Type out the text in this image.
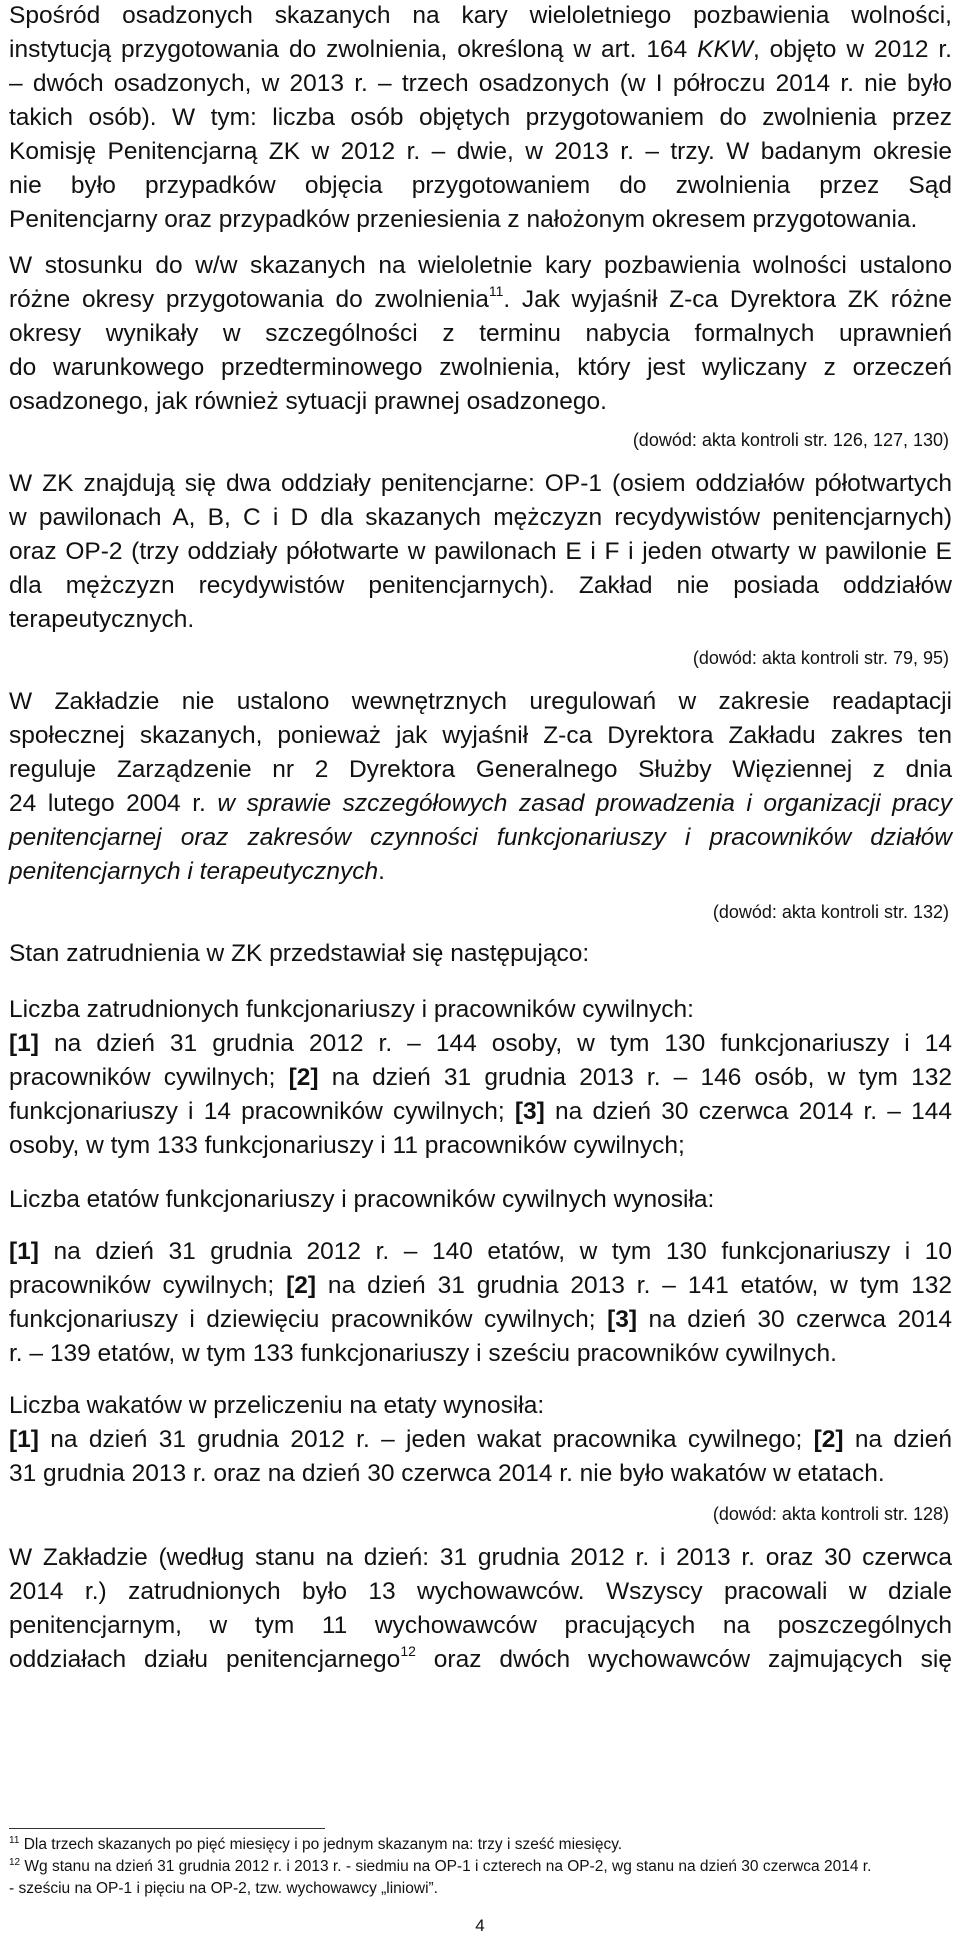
Spośród osadzonych skazanych na kary wieloletniego pozbawienia wolności,
instytucją przygotowania do zwolnienia, określoną w art. 164 KKW, objęto w 2012 r.
– dwóch osadzonych, w 2013 r. – trzech osadzonych (w I półroczu 2014 r. nie było
takich osób). W tym: liczba osób objętych przygotowaniem do zwolnienia przez
Komisję Penitencjarną ZK w 2012 r. – dwie, w 2013 r. – trzy. W badanym okresie
nie było przypadków objęcia przygotowaniem do zwolnienia przez Sąd
Penitencjarny oraz przypadków przeniesienia z nałożonym okresem przygotowania.
W stosunku do w/w skazanych na wieloletnie kary pozbawienia wolności ustalono
różne okresy przygotowania do zwolnienia$^{11}$. Jak wyjaśnił Z-ca Dyrektora ZK różne
okresy wynikały w szczególności z terminu nabycia formalnych uprawnień
do warunkowego przedterminowego zwolnienia, który jest wyliczany z orzeczeń
osadzonego, jak również sytuacji prawnej osadzonego.
W ZK znajdują się dwa oddziały penitencjarne: OP-1 (osiem oddziałów półotwartych
w pawilonach A, B, C i D dla skazanych mężczyzn recydywistów penitencjarnych)
oraz OP-2 (trzy oddziały półotwarte w pawilonach E i F i jeden otwarty w pawilonie E
dla mężczyzn recydywistów penitencjarnych). Zakład nie posiada oddziałów
terapeutycznych.
W Zakładzie nie ustalono wewnętrznych uregulowań w zakresie readaptacji
społecznej skazanych, ponieważ jak wyjaśnił Z-ca Dyrektora Zakładu zakres ten
reguluje Zarządzenie nr 2 Dyrektora Generalnego Służby Więziennej z dnia
24 lutego 2004 r. w sprawie szczegółowych zasad prowadzenia i organizacji pracy
penitencjarnej oraz zakresów czynności funkcjonariuszy i pracowników działów
penitencjarnych i terapeutycznych.
Stan zatrudnienia w ZK przedstawiał się następująco:
Liczba zatrudnionych funkcjonariuszy i pracowników cywilnych:
[1] na dzień 31 grudnia 2012 r. – 144 osoby, w tym 130 funkcjonariuszy i 14
pracowników cywilnych; [2] na dzień 31 grudnia 2013 r. – 146 osób, w tym 132
funkcjonariuszy i 14 pracowników cywilnych; [3] na dzień 30 czerwca 2014 r. – 144
osoby, w tym 133 funkcjonariuszy i 11 pracowników cywilnych;
Liczba etatów funkcjonariuszy i pracowników cywilnych wynosiła:
[1] na dzień 31 grudnia 2012 r. – 140 etatów, w tym 130 funkcjonariuszy i 10
pracowników cywilnych; [2] na dzień 31 grudnia 2013 r. – 141 etatów, w tym 132
funkcjonariuszy i dziewięciu pracowników cywilnych; [3] na dzień 30 czerwca 2014
r. – 139 etatów, w tym 133 funkcjonariuszy i sześciu pracowników cywilnych.
Liczba wakatów w przeliczeniu na etaty wynosiła:
[1] na dzień 31 grudnia 2012 r. – jeden wakat pracownika cywilnego; [2] na dzień
31 grudnia 2013 r. oraz na dzień 30 czerwca 2014 r. nie było wakatów w etatach.
W Zakładzie (według stanu na dzień: 31 grudnia 2012 r. i 2013 r. oraz 30 czerwca
2014 r.) zatrudnionych było 13 wychowawców. Wszyscy pracowali w dziale
penitencjarnym, w tym 11 wychowawców pracujących na poszczególnych
oddziałach działu penitencjarnego$^{12}$ oraz dwóch wychowawców zajmujących się
(dowód: akta kontroli str. 126, 127, 130)
(dowód: akta kontroli str. 79, 95)
(dowód: akta kontroli str. 132)
(dowód: akta kontroli str. 128)
$^{11}$ Dla trzech skazanych po pięć miesięcy i po jednym skazanym na: trzy i sześć miesięcy.
$^{12}$ Wg stanu na dzień 31 grudnia 2012 r. i 2013 r. - siedmiu na OP-1 i czterech na OP-2, wg stanu na dzień 30 czerwca 2014 r.
- sześciu na OP-1 i pięciu na OP-2, tzw. wychowawcy „liniowi”.
4
